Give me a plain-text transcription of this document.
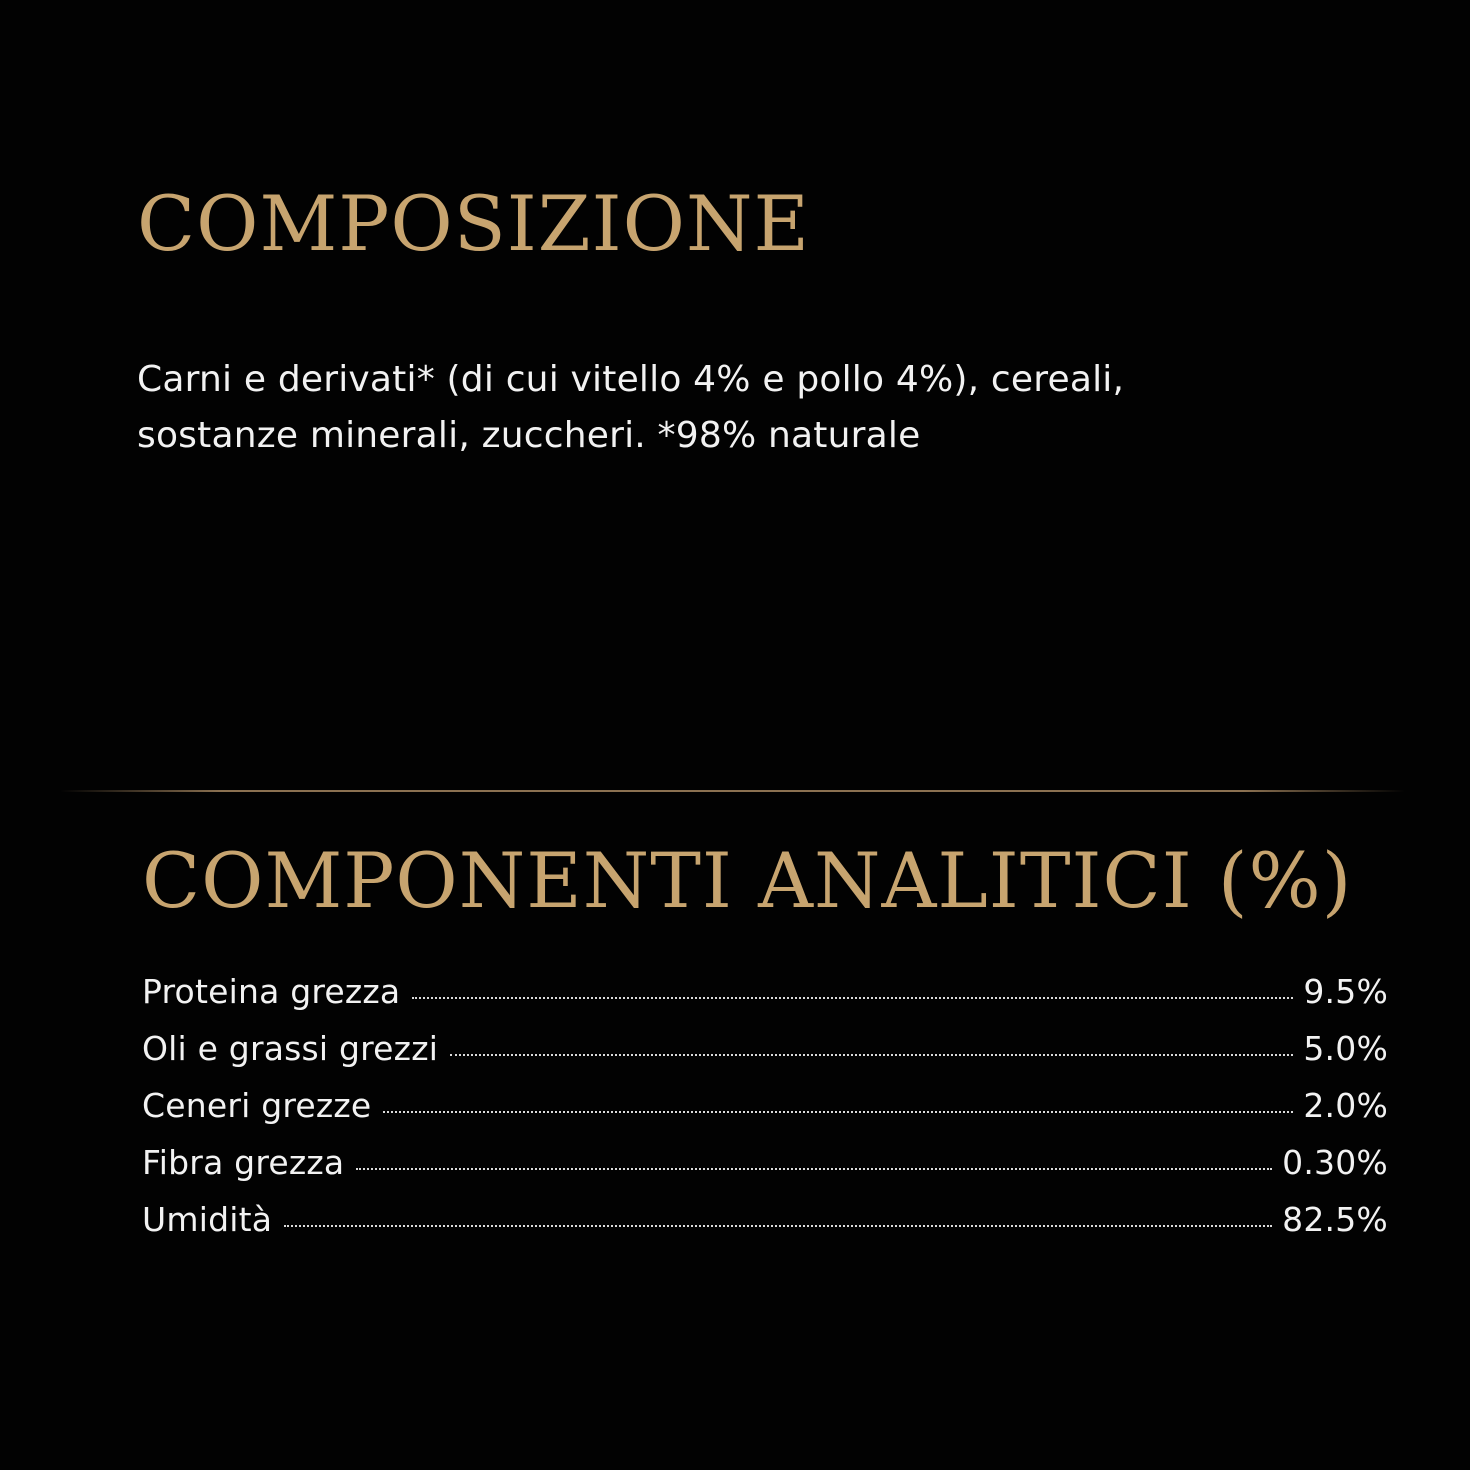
COMPOSIZIONE

Carni e derivati* (di cui vitello 4% e pollo 4%), cereali,
sostanze minerali, zuccheri. *98% naturale

COMPONENTI ANALITICI (%)
Proteina grezza	9.5%
Oli e grassi grezzi	5.0%
Ceneri grezze	2.0%
Fibra grezza	0.30%
Umidità	82.5%
